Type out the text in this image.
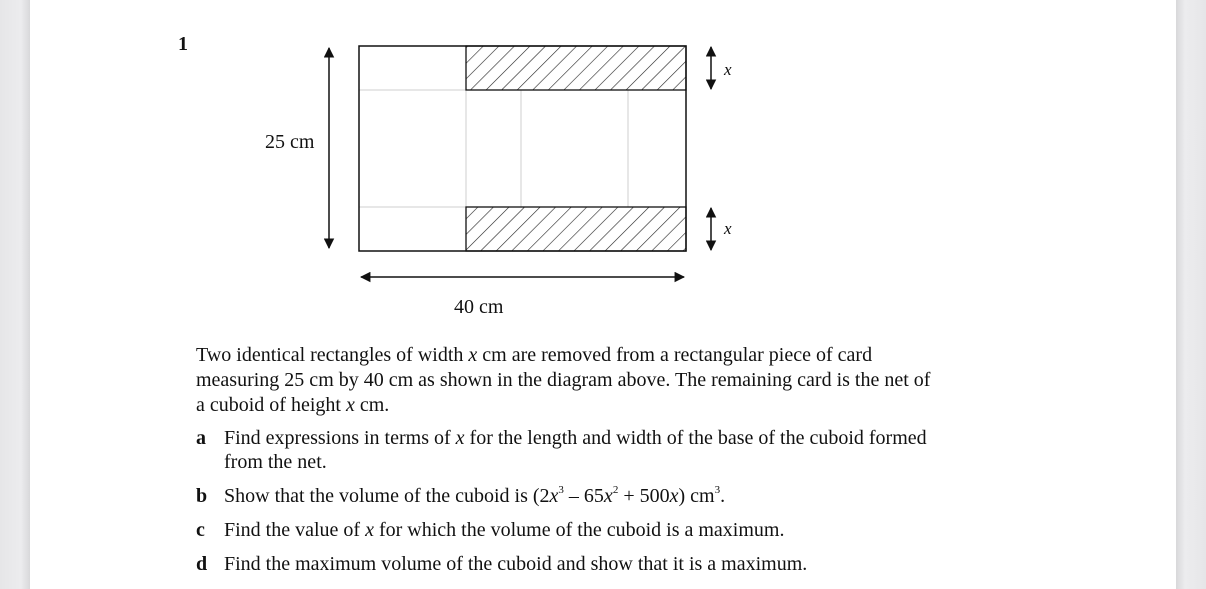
1
25 cm
40 cm
x
x
Two identical rectangles of width x cm are removed from a rectangular piece of card measuring 25 cm by 40 cm as shown in the diagram above. The remaining card is the net of a cuboid of height x cm.
a Find expressions in terms of x for the length and width of the base of the cuboid formed from the net.
b Show that the volume of the cuboid is $(2x^3 - 65x^2 + 500x)$ $cm^3$.
c Find the value of x for which the volume of the cuboid is a maximum.
d Find the maximum volume of the cuboid and show that it is a maximum.
